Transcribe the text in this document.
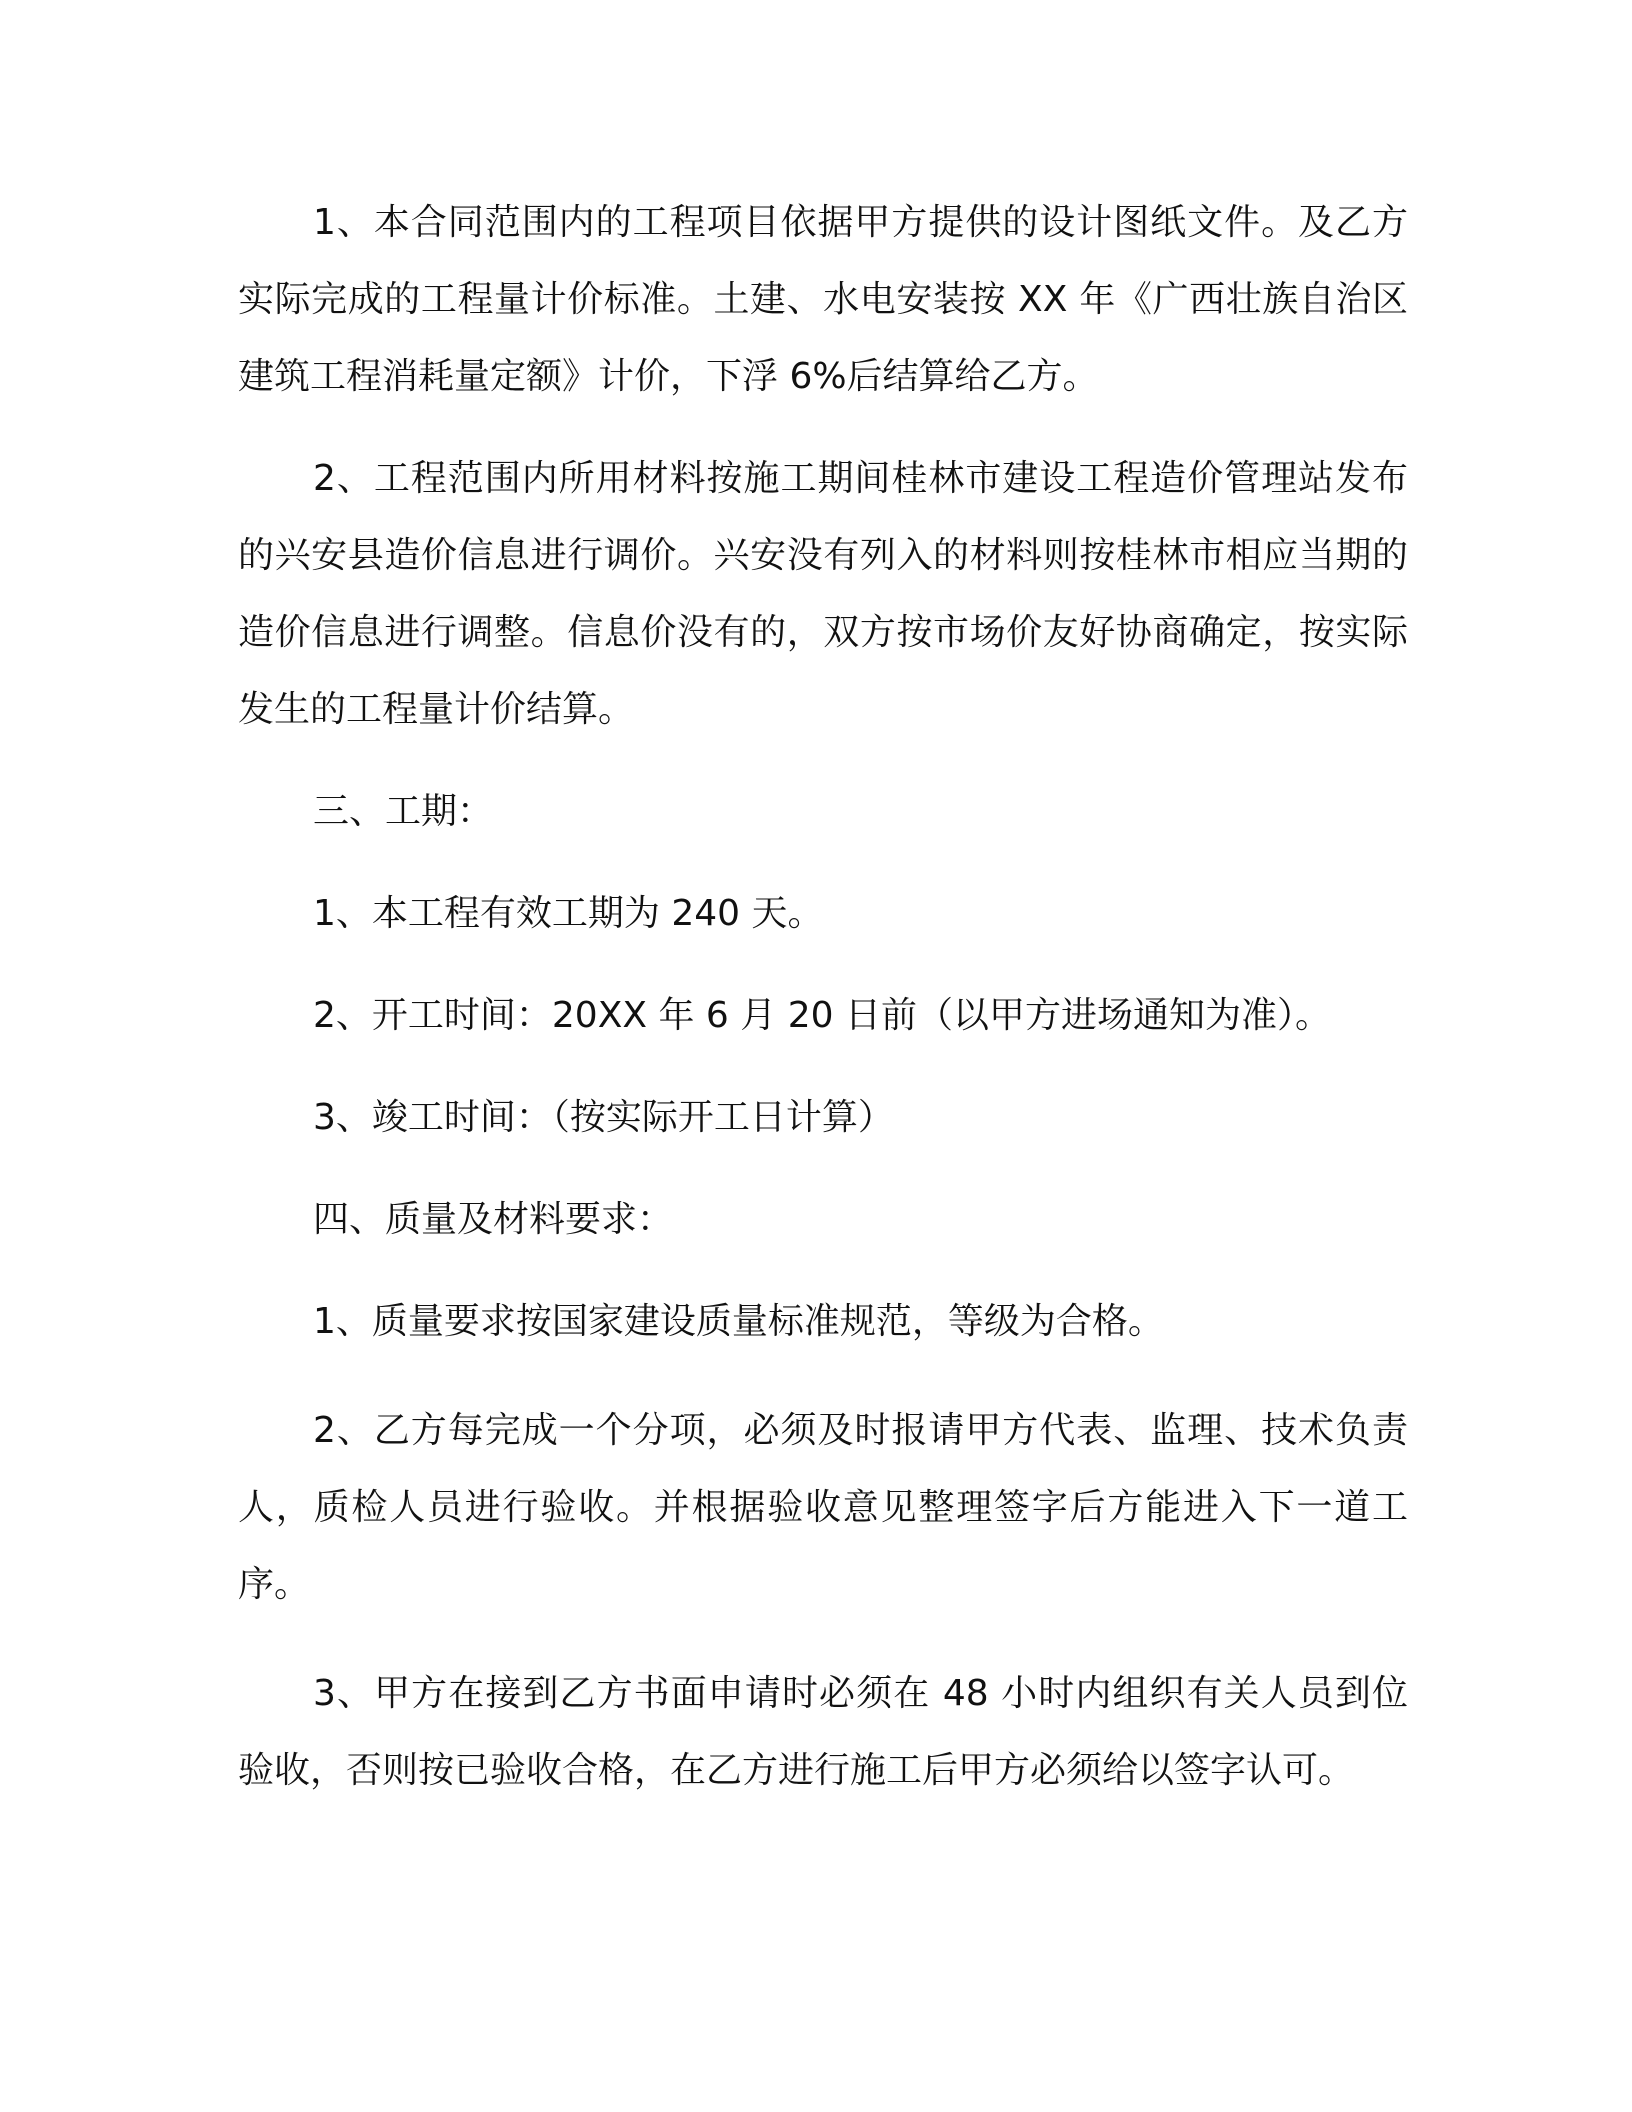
1、本合同范围内的工程项目依据甲方提供的设计图纸文件。及乙方实际完成的工程量计价标准。土建、水电安装按 XX 年《广西壮族自治区建筑工程消耗量定额》计价，下浮 6%后结算给乙方。

2、工程范围内所用材料按施工期间桂林市建设工程造价管理站发布的兴安县造价信息进行调价。兴安没有列入的材料则按桂林市相应当期的造价信息进行调整。信息价没有的，双方按市场价友好协商确定，按实际发生的工程量计价结算。

三、工期：

1、本工程有效工期为 240 天。

2、开工时间：20XX 年 6 月 20 日前（以甲方进场通知为准）。

3、竣工时间：（按实际开工日计算）

四、质量及材料要求：

1、质量要求按国家建设质量标准规范，等级为合格。

2、乙方每完成一个分项，必须及时报请甲方代表、监理、技术负责人，质检人员进行验收。并根据验收意见整理签字后方能进入下一道工序。

3、甲方在接到乙方书面申请时必须在 48 小时内组织有关人员到位验收，否则按已验收合格，在乙方进行施工后甲方必须给以签字认可。
